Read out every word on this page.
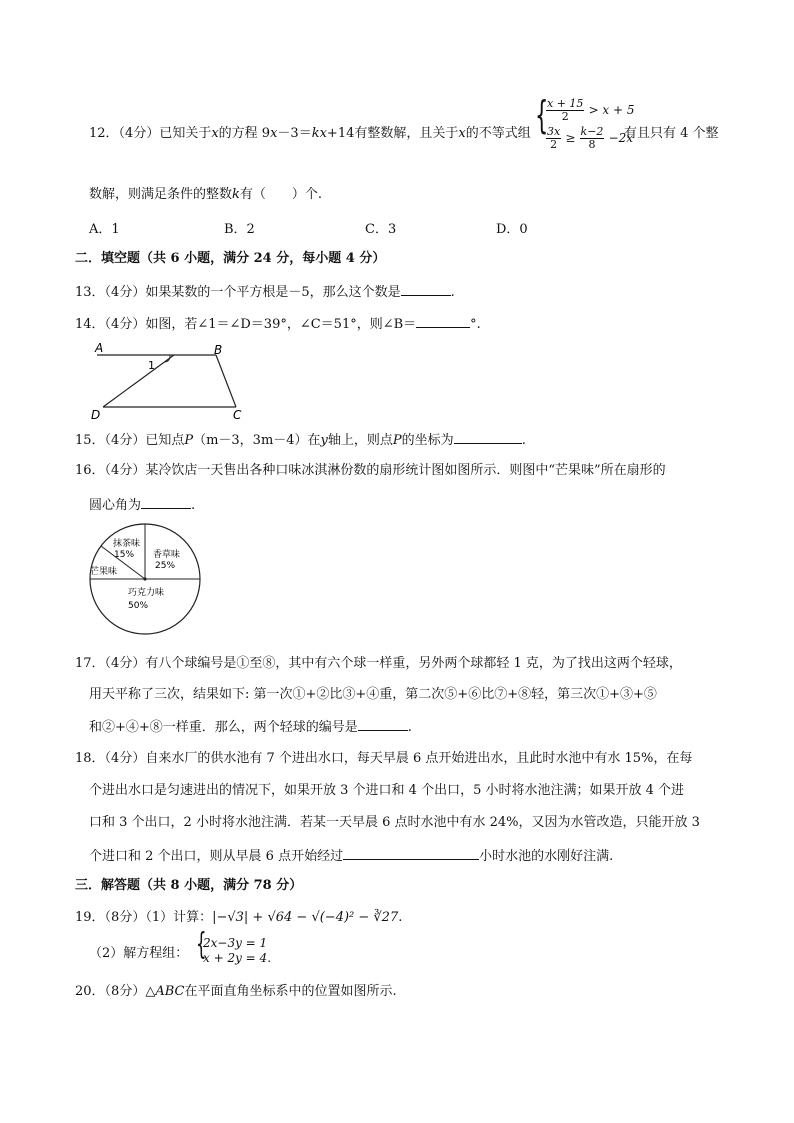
12．（4分）已知关于x的方程 9x－3＝kx+14有整数解，且关于x的不等式组 {
$\frac{x + 15}{2} > x + 5$
$\frac{3x}{2} \ge \frac{k-2}{8} -2x$
有且只有 4 个整
数解，则满足条件的整数k有（　　）个.
A．1	B．2	C．3	D．0
二．填空题（共 6 小题，满分 24 分，每小题 4 分）
13．（4分）如果某数的一个平方根是－5，那么这个数是	.
14．（4分）如图，若∠1＝∠D＝39°，∠C＝51°，则∠B＝	°.
A	B
C
D
1
15．（4分）已知点P（m－3，3m－4）在y轴上，则点P的坐标为	.
16．（4分）某冷饮店一天售出各种口味冰淇淋份数的扇形统计图如图所示．则图中“芒果味”所在扇形的
圆心角为	.
抹茶味
15% 香草味
25%
巧克力味
50%
芒果味
17．（4分）有八个球编号是①至⑧，其中有六个球一样重，另外两个球都轻 1 克，为了找出这两个轻球，
用天平称了三次，结果如下: 第一次①+②比③+④重，第二次⑤+⑥比⑦+⑧轻，第三次①+③+⑤
和②+④+⑧一样重．那么，两个轻球的编号是	.
18．（4分）自来水厂的供水池有 7 个进出水口，每天早晨 6 点开始进出水，且此时水池中有水 15%，在每
个进出水口是匀速进出的情况下，如果开放 3 个进口和 4 个出口，5 小时将水池注满；如果开放 4 个进
口和 3 个出口，2 小时将水池注满．若某一天早晨 6 点时水池中有水 24%，又因为水管改造，只能开放 3
个进口和 2 个出口，则从早晨 6 点开始经过	小时水池的水刚好注满.
三．解答题（共 8 小题，满分 78 分）
19．（8分）（1）计算：|−√3| + √64 − √(−4)² − ∛27.
（2）解方程组： {
2x−3y = 1
x + 2y = 4.
20．（8分）△ABC在平面直角坐标系中的位置如图所示.
